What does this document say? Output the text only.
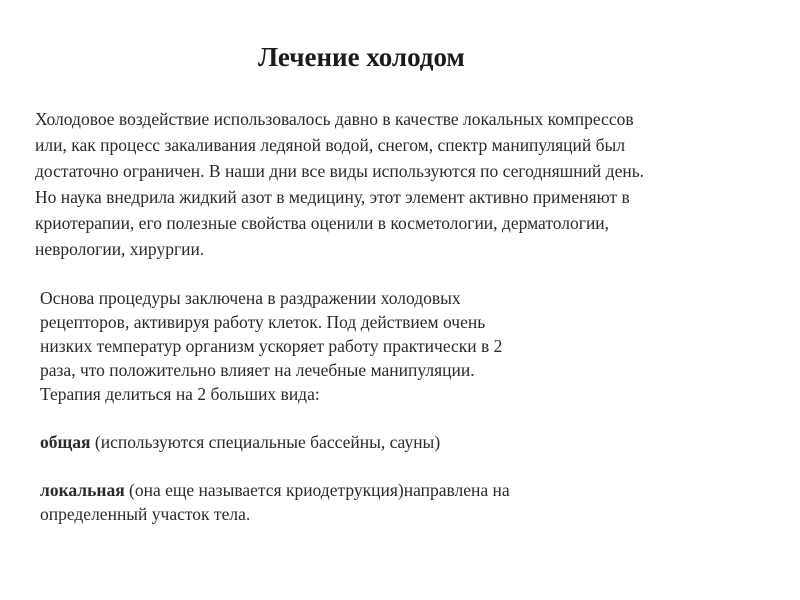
Лечение холодом
Холодовое воздействие использовалось давно в качестве локальных компрессов
или, как процесс закаливания ледяной водой, снегом, спектр манипуляций был
достаточно ограничен. В наши дни все виды используются по сегодняшний день.
Но наука внедрила жидкий азот в медицину, этот элемент активно применяют в
криотерапии, его полезные свойства оценили в косметологии, дерматологии,
неврологии, хирургии.
Основа процедуры заключена в раздражении холодовых
рецепторов, активируя работу клеток. Под действием очень
низких температур организм ускоряет работу практически в 2
раза, что положительно влияет на лечебные манипуляции.
Терапия делиться на 2 больших вида:
общая (используются специальные бассейны, сауны)
локальная (она еще называется криодетрукция)направлена на
определенный участок тела.
